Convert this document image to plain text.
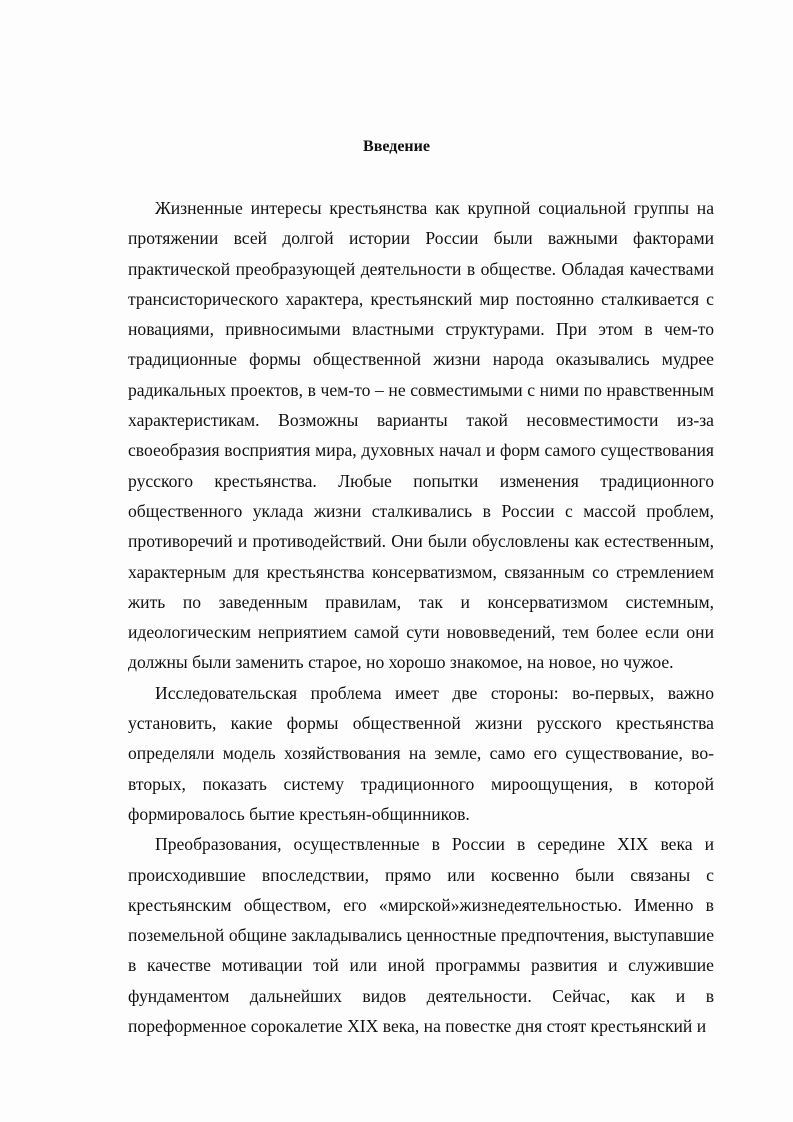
Введение

Жизненные интересы крестьянства как крупной социальной группы на протяжении всей долгой истории России были важными факторами практической преобразующей деятельности в обществе. Обладая качествами трансисторического характера, крестьянский мир постоянно сталкивается с новациями, привносимыми властными структурами. При этом в чем-то традиционные формы общественной жизни народа оказывались мудрее радикальных проектов, в чем-то – не совместимыми с ними по нравственным характеристикам. Возможны варианты такой несовместимости из-за своеобразия восприятия мира, духовных начал и форм самого существования русского крестьянства. Любые попытки изменения традиционного общественного уклада жизни сталкивались в России с массой проблем, противоречий и противодействий. Они были обусловлены как естественным, характерным для крестьянства консерватизмом, связанным со стремлением жить по заведенным правилам, так и консерватизмом системным, идеологическим неприятием самой сути нововведений, тем более если они должны были заменить старое, но хорошо знакомое, на новое, но чужое.

Исследовательская проблема имеет две стороны: во-первых, важно установить, какие формы общественной жизни русского крестьянства определяли модель хозяйствования на земле, само его существование, во-вторых, показать систему традиционного мироощущения, в которой формировалось бытие крестьян-общинников.

Преобразования, осуществленные в России в середине XIX века и происходившие впоследствии, прямо или косвенно были связаны с крестьянским обществом, его «мирской»жизнедеятельностью. Именно в поземельной общине закладывались ценностные предпочтения, выступавшие в качестве мотивации той или иной программы развития и служившие фундаментом дальнейших видов деятельности. Сейчас, как и в пореформенное сорокалетие XIX века, на повестке дня стоят крестьянский и
